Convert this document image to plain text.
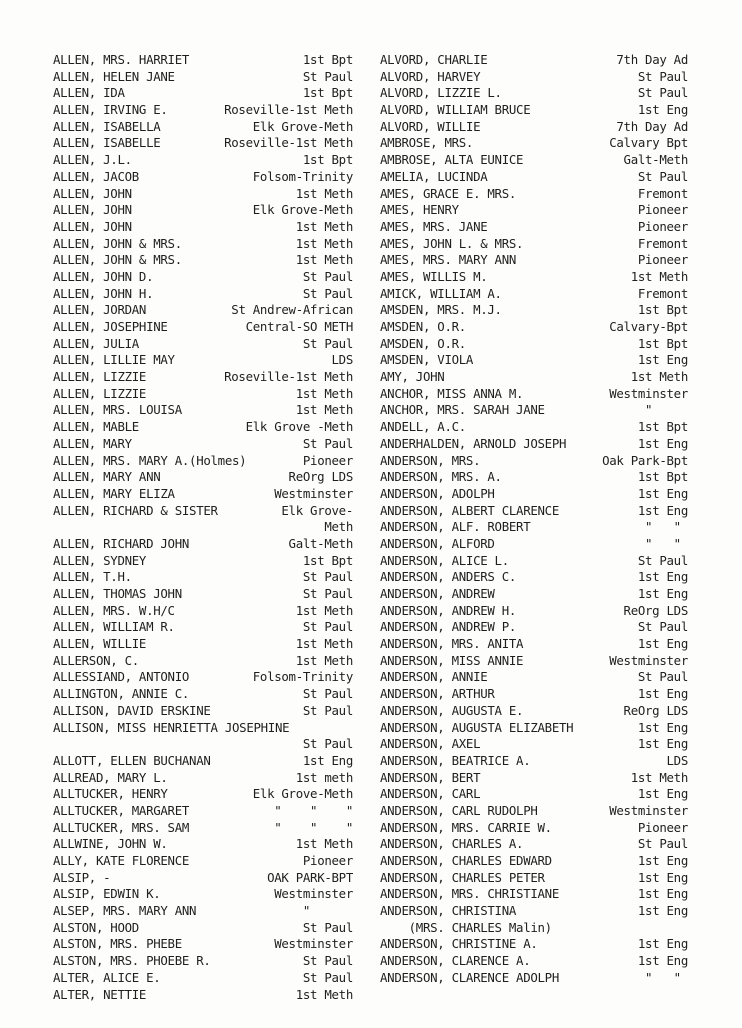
ALLEN, MRS. HARRIET	1st Bpt
ALLEN, HELEN JANE	St Paul
ALLEN, IDA	1st Bpt
ALLEN, IRVING E.	Roseville-1st Meth
ALLEN, ISABELLA	Elk Grove-Meth
ALLEN, ISABELLE	Roseville-1st Meth
ALLEN, J.L.	1st Bpt
ALLEN, JACOB	Folsom-Trinity
ALLEN, JOHN	1st Meth
ALLEN, JOHN	Elk Grove-Meth
ALLEN, JOHN	1st Meth
ALLEN, JOHN & MRS.	1st Meth
ALLEN, JOHN & MRS.	1st Meth
ALLEN, JOHN D.	St Paul
ALLEN, JOHN H.	St Paul
ALLEN, JORDAN	St Andrew-African
ALLEN, JOSEPHINE	Central-SO METH
ALLEN, JULIA	St Paul
ALLEN, LILLIE MAY	LDS
ALLEN, LIZZIE	Roseville-1st Meth
ALLEN, LIZZIE	1st Meth
ALLEN, MRS. LOUISA	1st Meth
ALLEN, MABLE	Elk Grove -Meth
ALLEN, MARY	St Paul
ALLEN, MRS. MARY A.(Holmes)	Pioneer
ALLEN, MARY ANN	ReOrg LDS
ALLEN, MARY ELIZA	Westminster
ALLEN, RICHARD & SISTER	Elk Grove-
Meth
ALLEN, RICHARD JOHN	Galt-Meth
ALLEN, SYDNEY	1st Bpt
ALLEN, T.H.	St Paul
ALLEN, THOMAS JOHN	St Paul
ALLEN, MRS. W.H/C	1st Meth
ALLEN, WILLIAM R.	St Paul
ALLEN, WILLIE	1st Meth
ALLERSON, C.	1st Meth
ALLESSIAND, ANTONIO	Folsom-Trinity
ALLINGTON, ANNIE C.	St Paul
ALLISON, DAVID ERSKINE	St Paul
ALLISON, MISS HENRIETTA JOSEPHINE
St Paul
ALLOTT, ELLEN BUCHANAN	1st Eng
ALLREAD, MARY L.	1st meth
ALLTUCKER, HENRY	Elk Grove-Meth
ALLTUCKER, MARGARET	"    "    "
ALLTUCKER, MRS. SAM	"    "    "
ALLWINE, JOHN W.	1st Meth
ALLY, KATE FLORENCE	Pioneer
ALSIP, -	OAK PARK-BPT
ALSIP, EDWIN K.	Westminster
ALSEP, MRS. MARY ANN	"
ALSTON, HOOD	St Paul
ALSTON, MRS. PHEBE	Westminster
ALSTON, MRS. PHOEBE R.	St Paul
ALTER, ALICE E.	St Paul
ALTER, NETTIE	1st Meth
ALVORD, CHARLIE	7th Day Ad
ALVORD, HARVEY	St Paul
ALVORD, LIZZIE L.	St Paul
ALVORD, WILLIAM BRUCE	1st Eng
ALVORD, WILLIE	7th Day Ad
AMBROSE, MRS.	Calvary Bpt
AMBROSE, ALTA EUNICE	Galt-Meth
AMELIA, LUCINDA	St Paul
AMES, GRACE E. MRS.	Fremont
AMES, HENRY	Pioneer
AMES, MRS. JANE	Pioneer
AMES, JOHN L. & MRS.	Fremont
AMES, MRS. MARY ANN	Pioneer
AMES, WILLIS M.	1st Meth
AMICK, WILLIAM A.	Fremont
AMSDEN, MRS. M.J.	1st Bpt
AMSDEN, O.R.	Calvary-Bpt
AMSDEN, O.R.	1st Bpt
AMSDEN, VIOLA	1st Eng
AMY, JOHN	1st Meth
ANCHOR, MISS ANNA M.	Westminster
ANCHOR, MRS. SARAH JANE	"
ANDELL, A.C.	1st Bpt
ANDERHALDEN, ARNOLD JOSEPH	1st Eng
ANDERSON, MRS.	Oak Park-Bpt
ANDERSON, MRS. A.	1st Bpt
ANDERSON, ADOLPH	1st Eng
ANDERSON, ALBERT CLARENCE	1st Eng
ANDERSON, ALF. ROBERT	"   "
ANDERSON, ALFORD	"   "
ANDERSON, ALICE L.	St Paul
ANDERSON, ANDERS C.	1st Eng
ANDERSON, ANDREW	1st Eng
ANDERSON, ANDREW H.	ReOrg LDS
ANDERSON, ANDREW P.	St Paul
ANDERSON, MRS. ANITA	1st Eng
ANDERSON, MISS ANNIE	Westminster
ANDERSON, ANNIE	St Paul
ANDERSON, ARTHUR	1st Eng
ANDERSON, AUGUSTA E.	ReOrg LDS
ANDERSON, AUGUSTA ELIZABETH	1st Eng
ANDERSON, AXEL	1st Eng
ANDERSON, BEATRICE A.	LDS
ANDERSON, BERT	1st Meth
ANDERSON, CARL	1st Eng
ANDERSON, CARL RUDOLPH	Westminster
ANDERSON, MRS. CARRIE W.	Pioneer
ANDERSON, CHARLES A.	St Paul
ANDERSON, CHARLES EDWARD	1st Eng
ANDERSON, CHARLES PETER	1st Eng
ANDERSON, MRS. CHRISTIANE	1st Eng
ANDERSON, CHRISTINA	1st Eng
(MRS. CHARLES Malin)
ANDERSON, CHRISTINE A.	1st Eng
ANDERSON, CLARENCE A.	1st Eng
ANDERSON, CLARENCE ADOLPH	"   "
